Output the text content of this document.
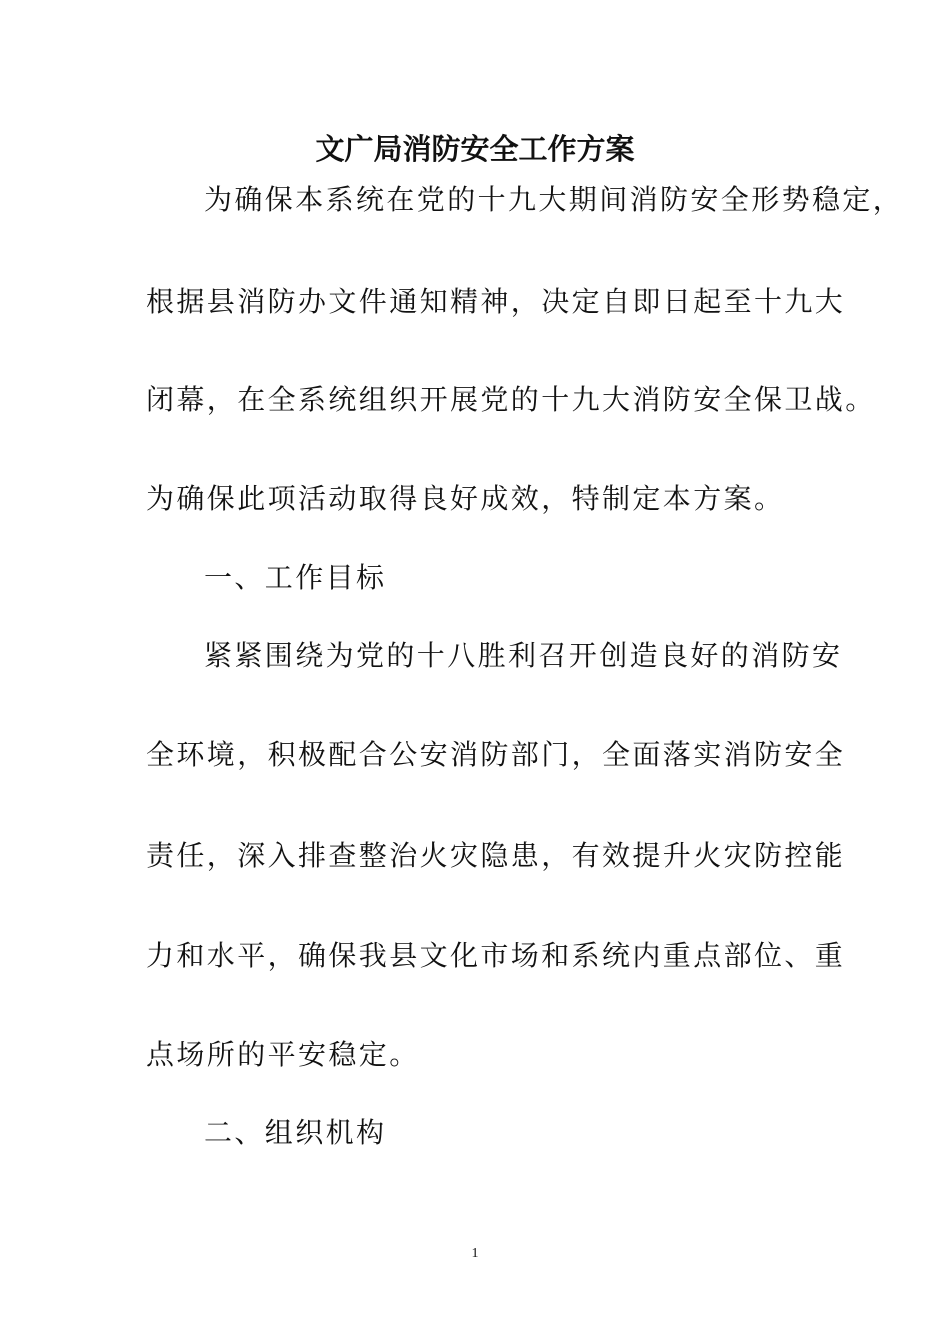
文广局消防安全工作方案
为确保本系统在党的十九大期间消防安全形势稳定，
根据县消防办文件通知精神，决定自即日起至十九大
闭幕，在全系统组织开展党的十九大消防安全保卫战。
为确保此项活动取得良好成效，特制定本方案。
一、工作目标
紧紧围绕为党的十八胜利召开创造良好的消防安
全环境，积极配合公安消防部门，全面落实消防安全
责任，深入排查整治火灾隐患，有效提升火灾防控能
力和水平，确保我县文化市场和系统内重点部位、重
点场所的平安稳定。
二、组织机构
1
